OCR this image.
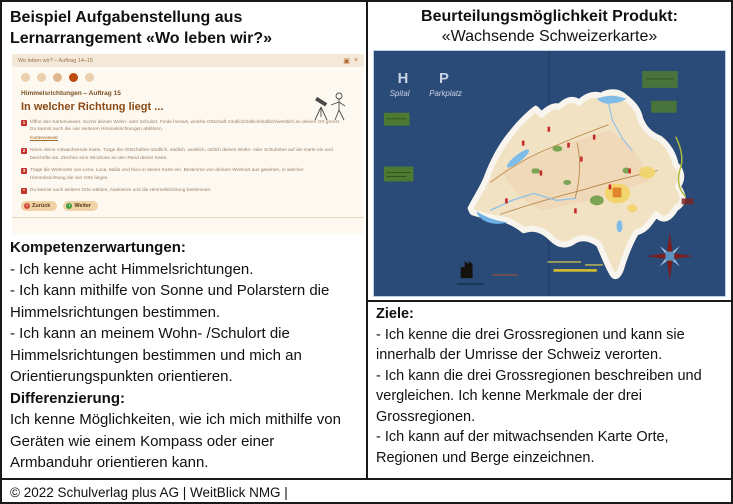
Beispiel Aufgabenstellung aus Lernarrangement «Wo leben wir?»
Wo leben wir? – Auftrag 14–15	▣ ×
Himmelsrichtungen – Auftrag 15
In welcher Richtung liegt ...
1 Öffne den Kartenviewer. Suche deinen Wohn- oder Schulort. Finde heraus, welche Ortschaft nördlich/östlich/südlich/westlich an deinen Ort grenzt. Du kannst auch die vier weiteren Himmelsrichtungen abklären.
Kartenviewer
2 Nimm deine mitwachsende Karte. Trage die Ortschaften nördlich, südlich, westlich, östlich deines Wohn- oder Schulortes auf der Karte ein und beschrifte sie. Zeichne eine Windrose an den Rand deiner Karte.
3 Trage die Wohnorte von Lena, Luca, Malia und Nico in deiner Karte ein. Bestimme von deinem Wohnort aus gesehen, in welcher Himmelsrichtung die vier Orte liegen.
*	Du kannst auch weitere Orte wählen, markieren und die Himmelsrichtung bestimmen.
‹ Zurück	› Weiter
Kompetenzerwartungen:
- Ich kenne acht Himmelsrichtungen.
- Ich kann mithilfe von Sonne und Polarstern die Himmelsrichtungen bestimmen.
- Ich kann an meinem Wohn- /Schulort die Himmelsrichtungen bestimmen und mich an Orientierungspunkten orientieren.
Differenzierung:
Ich kenne Möglichkeiten, wie ich mich mithilfe von Geräten wie einem Kompass oder einer Armbanduhr orientieren kann.
Beurteilungsmöglichkeit Produkt:
«Wachsende Schweizerkarte»
H
Spital
P
Parkplatz
Ziele:
- Ich kenne die drei Grossregionen und kann sie innerhalb der Umrisse der Schweiz verorten.
- Ich kann die drei Grossregionen beschreiben und vergleichen. Ich kenne Merkmale der drei Grossregionen.
- Ich kann auf der mitwachsenden Karte Orte, Regionen und Berge einzeichnen.
© 2022 Schulverlag plus AG | WeitBlick NMG |
